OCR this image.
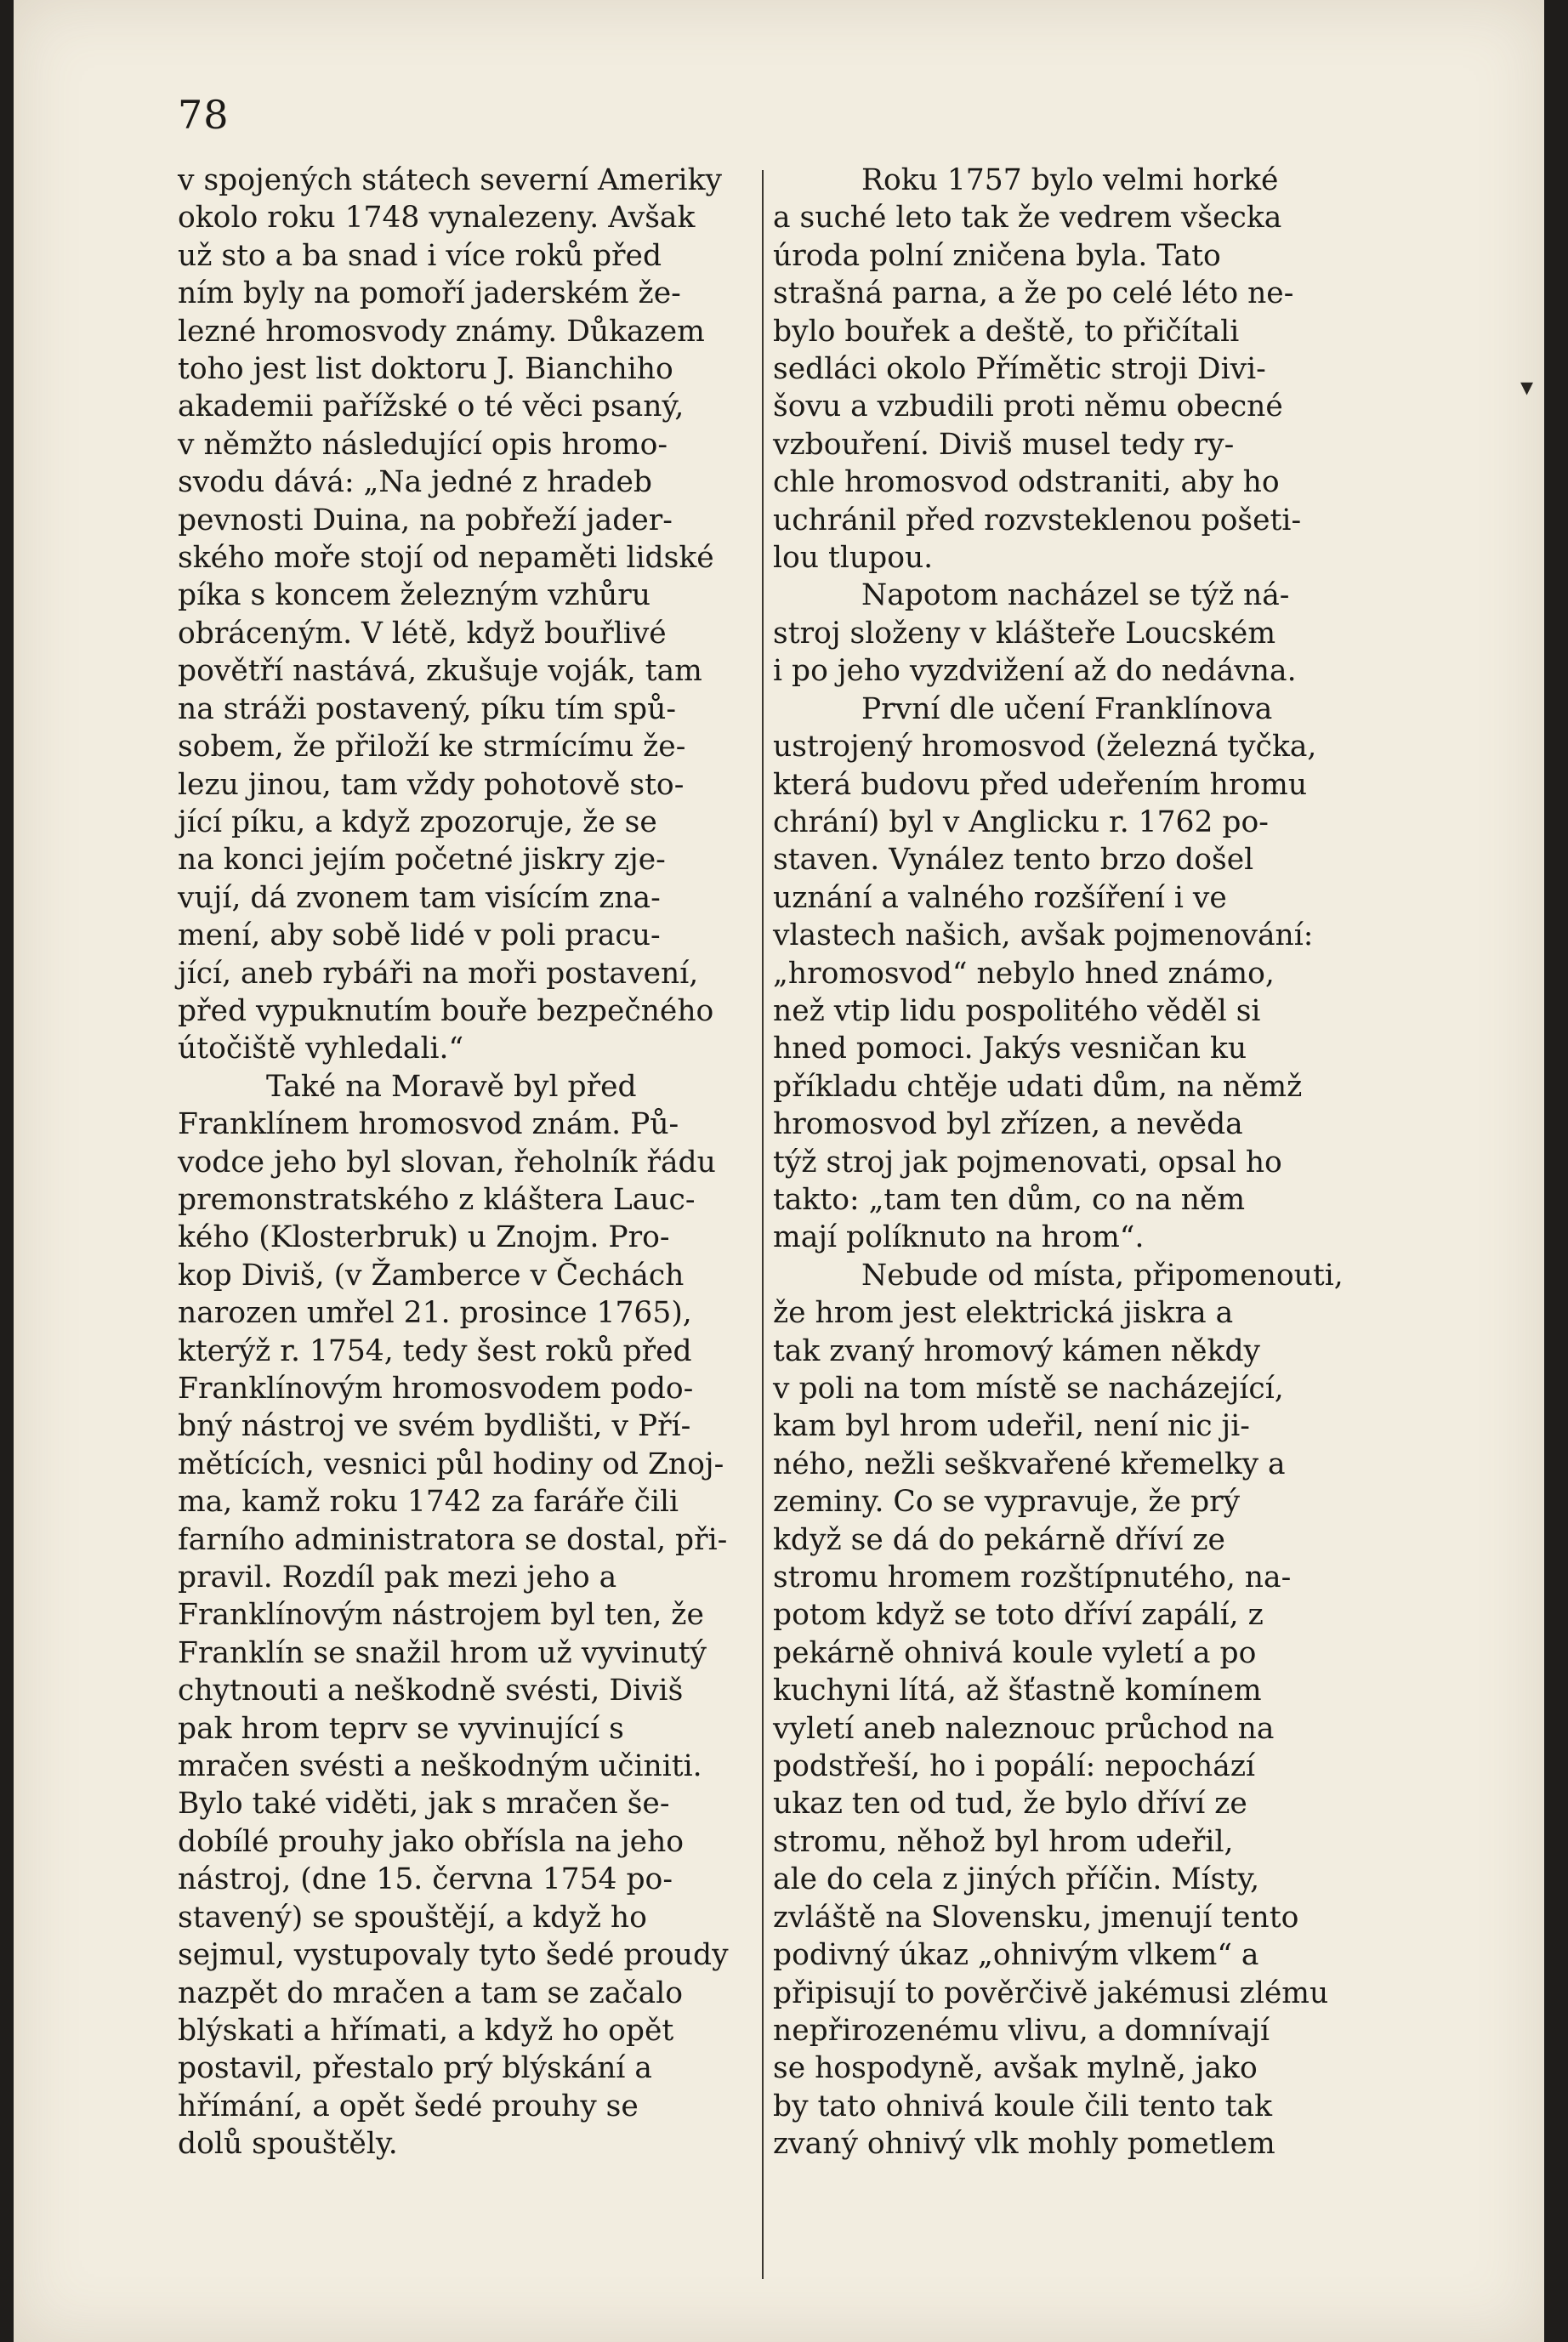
78

v spojených státech severní Ameriky
okolo roku 1748 vynalezeny. Avšak
už sto a ba snad i více roků před
ním byly na pomoří jaderském že-
lezné hromosvody známy. Důkazem
toho jest list doktoru J. Bianchiho
akademii pařížské o té věci psaný,
v němžto následující opis hromo-
svodu dává: „Na jedné z hradeb
pevnosti Duina, na pobřeží jader-
ského moře stojí od nepaměti lidské
píka s koncem železným vzhůru
obráceným. V létě, když bouřlivé
povětří nastává, zkušuje voják, tam
na stráži postavený, píku tím spů-
sobem, že přiloží ke strmícímu že-
lezu jinou, tam vždy pohotově sto-
jící píku, a když zpozoruje, že se
na konci jejím početné jiskry zje-
vují, dá zvonem tam visícím zna-
mení, aby sobě lidé v poli pracu-
jící, aneb rybáři na moři postavení,
před vypuknutím bouře bezpečného
útočiště vyhledali.“

Také na Moravě byl před
Franklínem hromosvod znám. Pů-
vodce jeho byl slovan, řeholník řádu
premonstratského z kláštera Lauc-
kého (Klosterbruk) u Znojm. Pro-
kop Diviš, (v Žamberce v Čechách
narozen umřel 21. prosince 1765),
kterýž r. 1754, tedy šest roků před
Franklínovým hromosvodem podo-
bný nástroj ve svém bydlišti, v Pří-
mětících, vesnici půl hodiny od Znoj-
ma, kamž roku 1742 za faráře čili
farního administratora se dostal, při-
pravil. Rozdíl pak mezi jeho a
Franklínovým nástrojem byl ten, že
Franklín se snažil hrom už vyvinutý
chytnouti a neškodně svésti, Diviš
pak hrom teprv se vyvinující s
mračen svésti a neškodným učiniti.
Bylo také viděti, jak s mračen še-
dobílé prouhy jako obřísla na jeho
nástroj, (dne 15. června 1754 po-
stavený) se spouštějí, a když ho
sejmul, vystupovaly tyto šedé proudy
nazpět do mračen a tam se začalo
blýskati a hřímati, a když ho opět
postavil, přestalo prý blýskání a
hřímání, a opět šedé prouhy se
dolů spouštěly.

Roku 1757 bylo velmi horké
a suché leto tak že vedrem všecka
úroda polní zničena byla. Tato
strašná parna, a že po celé léto ne-
bylo bouřek a deště, to přičítali
sedláci okolo Přímětic stroji Divi-
šovu a vzbudili proti němu obecné
vzbouření. Diviš musel tedy ry-
chle hromosvod odstraniti, aby ho
uchránil před rozvsteklenou pošeti-
lou tlupou.

Napotom nacházel se týž ná-
stroj složeny v klášteře Loucském
i po jeho vyzdvižení až do nedávna.

První dle učení Franklínova
ustrojený hromosvod (železná tyčka,
která budovu před udeřením hromu
chrání) byl v Anglicku r. 1762 po-
staven. Vynález tento brzo došel
uznání a valného rozšíření i ve
vlastech našich, avšak pojmenování:
„hromosvod“ nebylo hned známo,
než vtip lidu pospolitého věděl si
hned pomoci. Jakýs vesničan ku
příkladu chtěje udati dům, na němž
hromosvod byl zřízen, a nevěda
týž stroj jak pojmenovati, opsal ho
takto: „tam ten dům, co na něm
mají políknuto na hrom“.

Nebude od místa, připomenouti,
že hrom jest elektrická jiskra a
tak zvaný hromový kámen někdy
v poli na tom místě se nacházející,
kam byl hrom udeřil, není nic ji-
ného, nežli seškvařené křemelky a
zeminy. Co se vypravuje, že prý
když se dá do pekárně dříví ze
stromu hromem rozštípnutého, na-
potom když se toto dříví zapálí, z
pekárně ohnivá koule vyletí a po
kuchyni lítá, až šťastně komínem
vyletí aneb naleznouc průchod na
podstřeší, ho i popálí: nepochází
ukaz ten od tud, že bylo dříví ze
stromu, něhož byl hrom udeřil,
ale do cela z jiných příčin. Místy,
zvláště na Slovensku, jmenují tento
podivný úkaz „ohnivým vlkem“ a
připisují to pověrčivě jakémusi zlému
nepřirozenému vlivu, a domnívají
se hospodyně, avšak mylně, jako
by tato ohnivá koule čili tento tak
zvaný ohnivý vlk mohly pometlem

▾
